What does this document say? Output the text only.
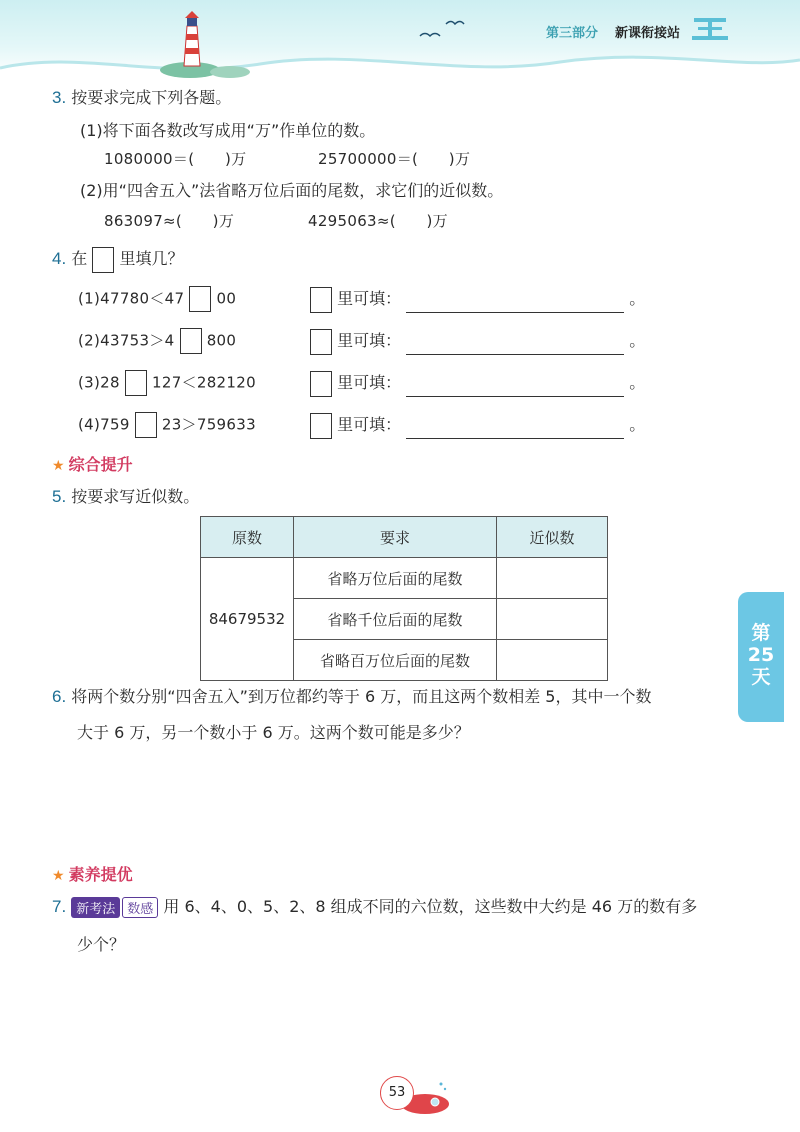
第三部分 新课衔接站
3. 按要求完成下列各题。
(1)将下面各数改写成用“万”作单位的数。
1080000＝(　　)万	25700000＝(　　)万
(2)用“四舍五入”法省略万位后面的尾数，求它们的近似数。
863097≈(　　)万	4295063≈(　　)万
4. 在 里填几？
(1)47780＜47 00	里可填：	。
(2)43753＞4 800	里可填：	。
(3)28 127＜282120	里可填：	。
(4)759 23＞759633	里可填：	。
★ 综合提升
5. 按要求写近似数。
原数	要求	近似数
84679532	省略万位后面的尾数	
	省略千位后面的尾数	
	省略百万位后面的尾数	
第
25
天
6. 将两个数分别“四舍五入”到万位都约等于 6 万，而且这两个数相差 5，其中一个数
大于 6 万，另一个数小于 6 万。这两个数可能是多少？
★ 素养提优
7. 新考法 数感 用 6、4、0、5、2、8 组成不同的六位数，这些数中大约是 46 万的数有多
少个？
53
